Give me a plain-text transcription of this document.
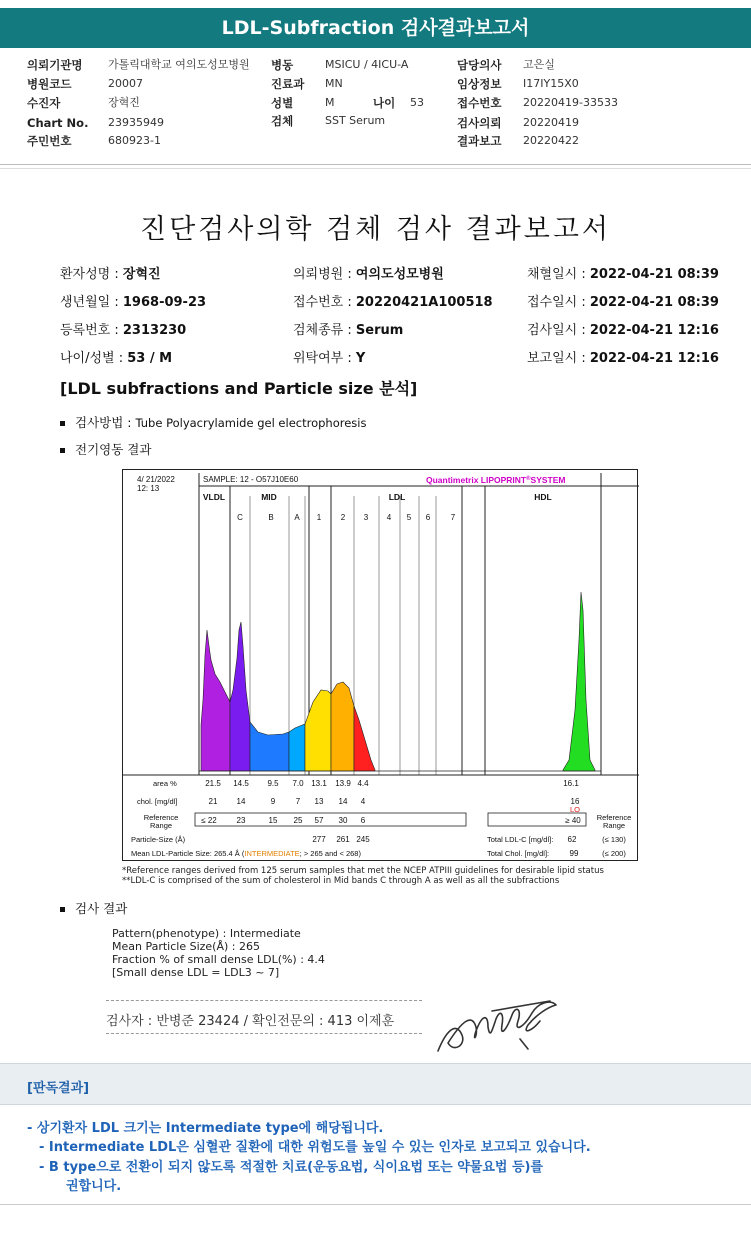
LDL-Subfraction 검사결과보고서
의뢰기관명 가톨릭대학교 여의도성모병원 병동	MSICU / 4ICU-A	담당의사 고은실
병원코드	20007	진료과 MN	임상정보 I17IY15X0
수진자	장혁진	성별	M	나이 53	접수번호 20220419-33533
Chart No. 23935949	검체	SST Serum	검사의뢰 20220419
주민번호	680923-1	결과보고 20220422
진단검사의학 검체 검사 결과보고서
환자성명 : 장혁진	의뢰병원 : 여의도성모병원	채혈일시 : 2022-04-21 08:39
생년월일 : 1968-09-23	접수번호 : 20220421A100518	접수일시 : 2022-04-21 08:39
등록번호 : 2313230	검체종류 : Serum	검사일시 : 2022-04-21 12:16
나이/성별 : 53 / M	위탁여부 : Y	보고일시 : 2022-04-21 12:16
[LDL subfractions and Particle size 분석]
검사방법 : Tube Polyacrylamide gel electrophoresis
전기영동 결과
4/ 21/2022
12: 13
SAMPLE: 12 - O57J10E60	Quantimetrix LIPOPRINT®SYSTEM
VLDL	MID	LDL	HDL
C	B	A 1 2 3 4 5 6	7
area %	21.5 14.5 9.5 7.0 13.1 13.9 4.4	16.1
chol. [mg/dl]	21 14	9	7 13 14 4	16
LO
Reference
Range
≤ 22 23	15 25 57 30 6	≥ 40 Reference
Range
Particle-Size (Å)	277 261 245	Total LDL-C [mg/dl]: 62	(≤ 130)
Mean LDL-Particle Size: 265.4 Å (INTERMEDIATE; > 265 and < 268)	Total Chol. [mg/dl]:	99	(≤ 200)
*Reference ranges derived from 125 serum samples that met the NCEP ATPIII guidelines for desirable lipid status
**LDL-C is comprised of the sum of cholesterol in Mid bands C through A as well as all the subfractions
검사 결과
Pattern(phenotype) : Intermediate
Mean Particle Size(Å) : 265
Fraction % of small dense LDL(%) : 4.4
[Small dense LDL = LDL3 ~ 7]
검사자 : 반병준 23424 / 확인전문의 : 413 이제훈
[판독결과]
- 상기환자 LDL 크기는 Intermediate type에 해당됩니다.
- Intermediate LDL은 심혈관 질환에 대한 위험도를 높일 수 있는 인자로 보고되고 있습니다.
- B type으로 전환이 되지 않도록 적절한 치료(운동요법, 식이요법 또는 약물요법 등)를
권합니다.
